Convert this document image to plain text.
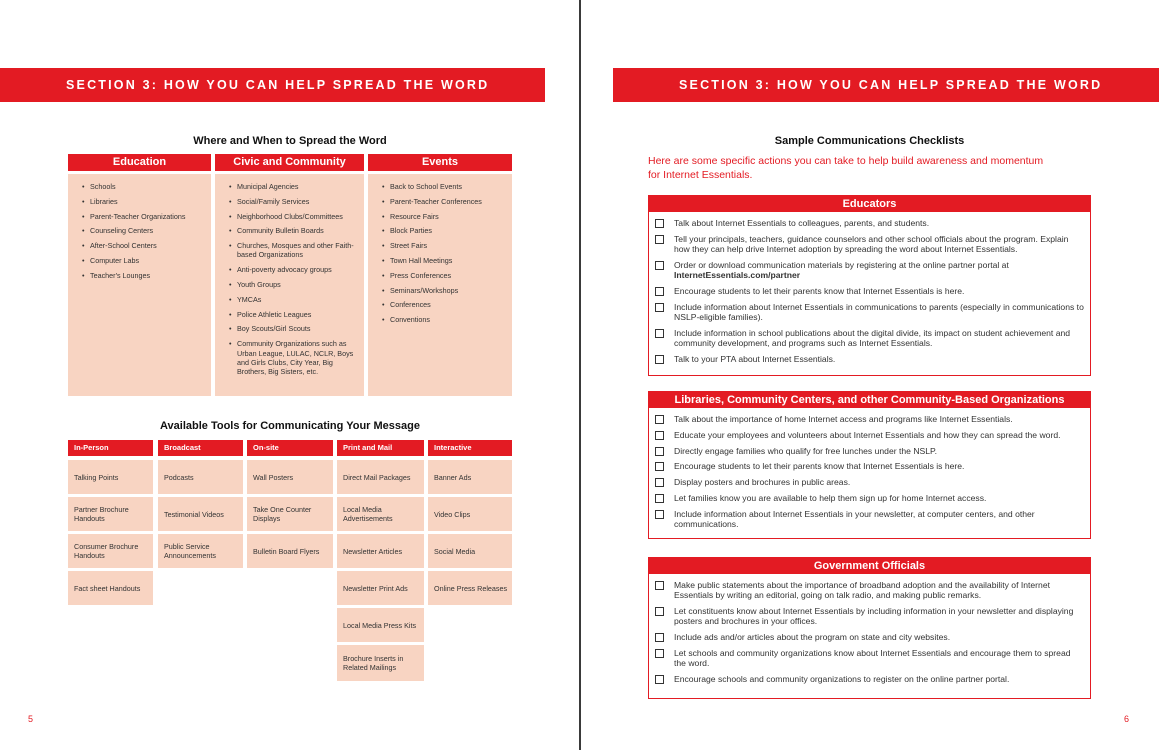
SECTION 3: HOW YOU CAN HELP SPREAD THE WORD
Where and When to Spread the Word
Education
• Schools
• Libraries
• Parent-Teacher Organizations
• Counseling Centers
• After-School Centers
• Computer Labs
• Teacher's Lounges
Civic and Community
• Municipal Agencies
• Social/Family Services
• Neighborhood Clubs/Committees
• Community Bulletin Boards
• Churches, Mosques and other Faith-based Organizations
• Anti-poverty advocacy groups
• Youth Groups
• YMCAs
• Police Athletic Leagues
• Boy Scouts/Girl Scouts
• Community Organizations such as Urban League, LULAC, NCLR, Boys and Girls Clubs, City Year, Big Brothers, Big Sisters, etc.
Events
• Back to School Events
• Parent-Teacher Conferences
• Resource Fairs
• Block Parties
• Street Fairs
• Town Hall Meetings
• Press Conferences
• Seminars/Workshops
• Conferences
• Conventions
Available Tools for Communicating Your Message
In-Person
Talking Points
Partner Brochure Handouts
Consumer Brochure Handouts
Fact sheet Handouts
Broadcast
Podcasts
Testimonial Videos
Public Service Announcements
On-site
Wall Posters
Take One Counter Displays
Bulletin Board Flyers
Print and Mail
Direct Mail Packages
Local Media Advertisements
Newsletter Articles
Newsletter Print Ads
Local Media Press Kits
Brochure Inserts in Related Mailings
Interactive
Banner Ads
Video Clips
Social Media
Online Press Releases
5
SECTION 3: HOW YOU CAN HELP SPREAD THE WORD
Sample Communications Checklists
Here are some specific actions you can take to help build awareness and momentum for Internet Essentials.
6
Educators
Talk about Internet Essentials to colleagues, parents, and students.
Tell your principals, teachers, guidance counselors and other school officials about the program. Explain how they can help drive Internet adoption by spreading the word about Internet Essentials.
Order or download communication materials by registering at the online partner portal at
InternetEssentials.com/partner
Encourage students to let their parents know that Internet Essentials is here.
Include information about Internet Essentials in communications to parents (especially in communications to NSLP-eligible families).
Include information in school publications about the digital divide, its impact on student achievement and community development, and programs such as Internet Essentials.
Talk to your PTA about Internet Essentials.
Libraries, Community Centers, and other Community-Based Organizations
Talk about the importance of home Internet access and programs like Internet Essentials.
Educate your employees and volunteers about Internet Essentials and how they can spread the word.
Directly engage families who qualify for free lunches under the NSLP.
Encourage students to let their parents know that Internet Essentials is here.
Display posters and brochures in public areas.
Let families know you are available to help them sign up for home Internet access.
Include information about Internet Essentials in your newsletter, at computer centers, and other communications.
Government Officials
Make public statements about the importance of broadband adoption and the availability of Internet Essentials by writing an editorial, going on talk radio, and making public remarks.
Let constituents know about Internet Essentials by including information in your newsletter and displaying posters and brochures in your offices.
Include ads and/or articles about the program on state and city websites.
Let schools and community organizations know about Internet Essentials and encourage them to spread the word.
Encourage schools and community organizations to register on the online partner portal.
